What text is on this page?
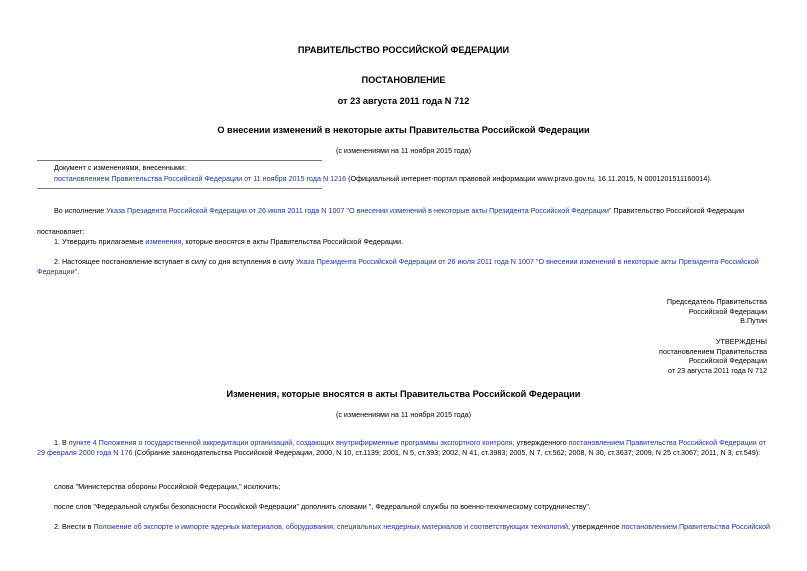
ПРАВИТЕЛЬСТВО РОССИЙСКОЙ ФЕДЕРАЦИИ
ПОСТАНОВЛЕНИЕ
от 23 августа 2011 года N 712
О внесении изменений в некоторые акты Правительства Российской Федерации
(с изменениями на 11 ноября 2015 года)
Документ с изменениями, внесенными:
постановлением Правительства Российской Федерации от 11 ноября 2015 года N 1216 (Официальный интернет-портал правовой информации www.pravo.gov.ru, 16.11.2015, N 0001201511160014).
Во исполнение Указа Президента Российской Федерации от 26 июля 2011 года N 1007 "О внесении изменений в некоторые акты Президента Российской Федерации" Правительство Российской Федерации
постановляет:
1. Утвердить прилагаемые изменения, которые вносятся в акты Правительства Российской Федерации.
2. Настоящее постановление вступает в силу со дня вступления в силу Указа Президента Российской Федерации от 26 июля 2011 года N 1007 "О внесении изменений в некоторые акты Президента Российской Федерации".
Председатель Правительства
Российской Федерации
В.Путин
УТВЕРЖДЕНЫ
постановлением Правительства
Российской Федерации
от 23 августа 2011 года N 712
Изменения, которые вносятся в акты Правительства Российской Федерации
(с изменениями на 11 ноября 2015 года)
1. В пункте 4 Положения о государственной аккредитации организаций, создающих внутрифирменные программы экспортного контроля, утвержденного постановлением Правительства Российской Федерации от 29 февраля 2000 года N 176 (Собрание законодательства Российской Федерации, 2000, N 10, ст.1139; 2001, N 5, ст.393; 2002, N 41, ст.3983; 2005, N 7, ст.562; 2008, N 30, ст.3637; 2009, N 25 ст.3067; 2011, N 3, ст.549):
слова "Министерства обороны Российской Федерации," исключить;
после слов "Федеральной службы безопасности Российской Федерации" дополнить словами ", Федеральной службы по военно-техническому сотрудничеству".
2. Внести в Положение об экспорте и импорте ядерных материалов, оборудования, специальных неядерных материалов и соответствующих технологий, утвержденное постановлением Правительства Российской
